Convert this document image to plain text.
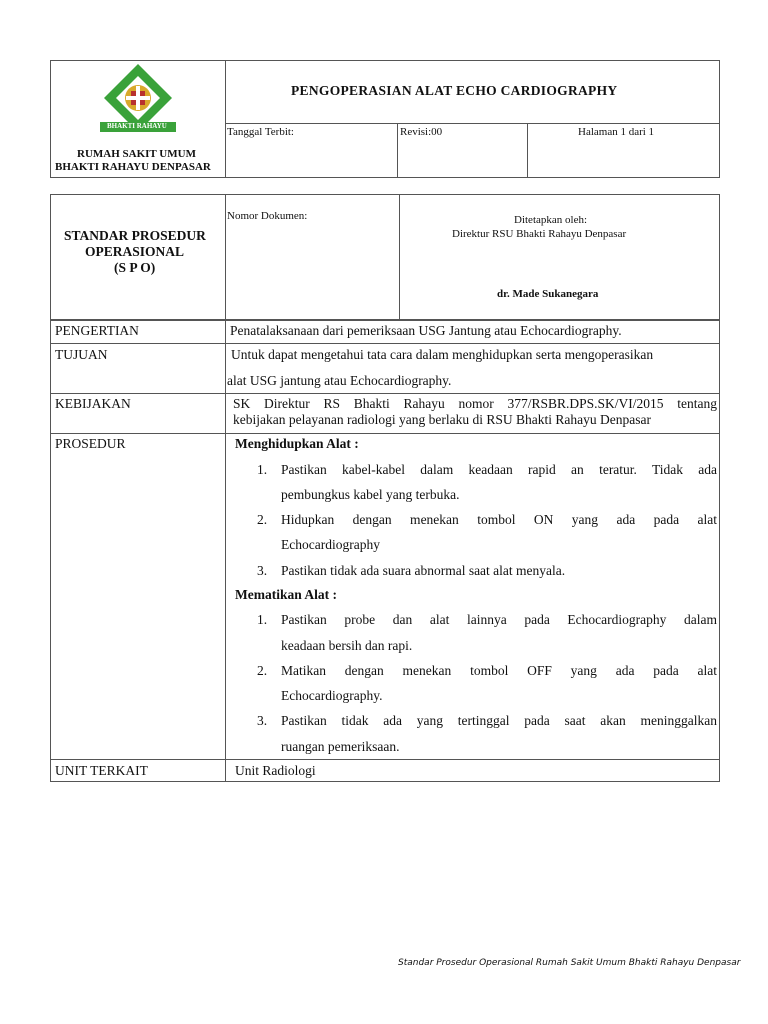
BHAKTI RAHAYU
RUMAH SAKIT UMUM
BHAKTI RAHAYU DENPASAR
PENGOPERASIAN ALAT ECHO CARDIOGRAPHY
Tanggal Terbit:	Revisi:00	Halaman 1 dari 1
STANDAR PROSEDUR
OPERASIONAL
(S P O)
Nomor Dokumen:	Ditetapkan oleh:
Direktur RSU Bhakti Rahayu Denpasar
dr. Made Sukanegara
PENGERTIAN	Penatalaksanaan dari pemeriksaan USG Jantung atau Echocardiography.
TUJUAN	Untuk dapat mengetahui tata cara dalam menghidupkan serta mengoperasikan
alat USG jantung atau Echocardiography.
KEBIJAKAN	SK Direktur RS Bhakti Rahayu nomor 377/RSBR.DPS.SK/VI/2015 tentang
kebijakan pelayanan radiologi yang berlaku di RSU Bhakti Rahayu Denpasar
PROSEDUR	Menghidupkan Alat :
1. Pastikan kabel-kabel dalam keadaan rapid an teratur. Tidak ada
pembungkus kabel yang terbuka.
2. Hidupkan dengan menekan tombol ON yang ada pada alat
Echocardiography
3. Pastikan tidak ada suara abnormal saat alat menyala.
Mematikan Alat :
1. Pastikan probe dan alat lainnya pada Echocardiography dalam
keadaan bersih dan rapi.
2. Matikan dengan menekan tombol OFF yang ada pada alat
Echocardiography.
3. Pastikan tidak ada yang tertinggal pada saat akan meninggalkan
ruangan pemeriksaan.
UNIT TERKAIT	Unit Radiologi
Standar Prosedur Operasional Rumah Sakit Umum Bhakti Rahayu Denpasar
